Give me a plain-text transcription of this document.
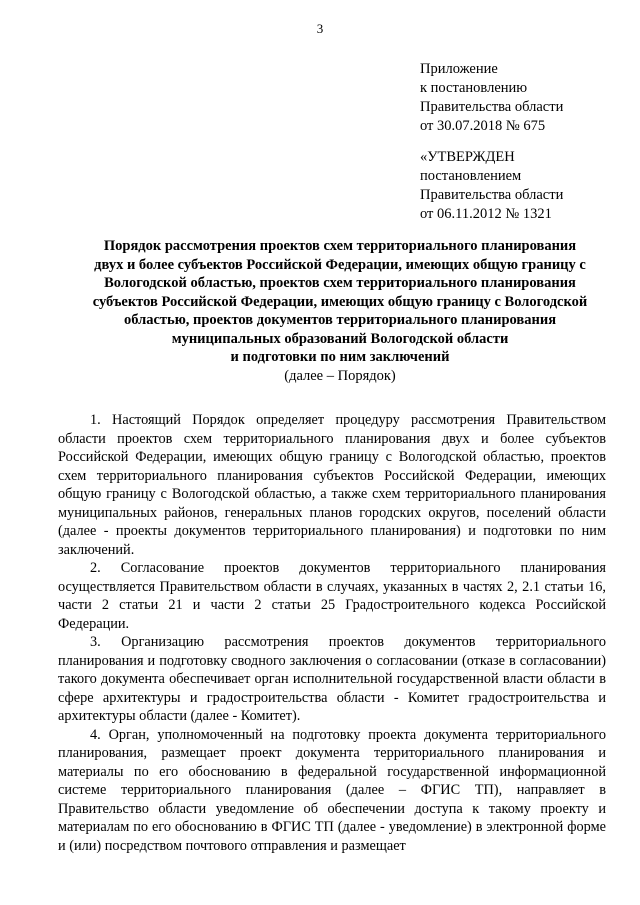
3
Приложение
к постановлению
Правительства области
от 30.07.2018 № 675
«УТВЕРЖДЕН
постановлением
Правительства области
от 06.11.2012 № 1321
Порядок рассмотрения проектов схем территориального планирования
двух и более субъектов Российской Федерации, имеющих общую границу с
Вологодской областью, проектов схем территориального планирования
субъектов Российской Федерации, имеющих общую границу с Вологодской
областью, проектов документов территориального планирования
муниципальных образований Вологодской области
и подготовки по ним заключений
(далее – Порядок)

1. Настоящий Порядок определяет процедуру рассмотрения Правительством области проектов схем территориального планирования двух и более субъектов Российской Федерации, имеющих общую границу с Вологодской областью, проектов схем территориального планирования субъектов Российской Федерации, имеющих общую границу с Вологодской областью, а также схем территориального планирования муниципальных районов, генеральных планов городских округов, поселений области (далее - проекты документов территориального планирования) и подготовки по ним заключений.

2. Согласование проектов документов территориального планирования осуществляется Правительством области в случаях, указанных в частях 2, 2.1 статьи 16, части 2 статьи 21 и части 2 статьи 25 Градостроительного кодекса Российской Федерации.

3. Организацию рассмотрения проектов документов территориального планирования и подготовку сводного заключения о согласовании (отказе в согласовании) такого документа обеспечивает орган исполнительной государственной власти области в сфере архитектуры и градостроительства области - Комитет градостроительства и архитектуры области (далее - Комитет).

4. Орган, уполномоченный на подготовку проекта документа территориального планирования, размещает проект документа территориального планирования и материалы по его обоснованию в федеральной государственной информационной системе территориального планирования (далее – ФГИС ТП), направляет в Правительство области уведомление об обеспечении доступа к такому проекту и материалам по его обоснованию в ФГИС ТП (далее - уведомление) в электронной форме и (или) посредством почтового отправления и размещает
